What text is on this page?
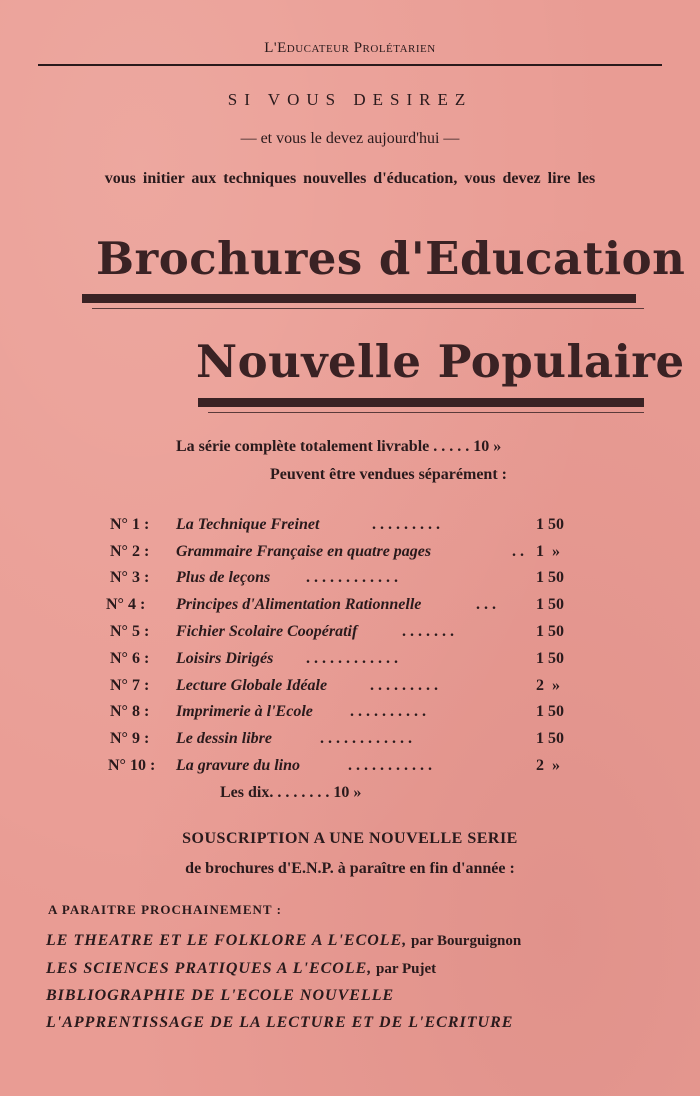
L'Educateur Prolétarien
SI VOUS DESIREZ
— et vous le devez aujourd'hui —
vous initier aux techniques nouvelles d'éducation, vous devez lire les
Brochures d'Education
Nouvelle Populaire
La série complète totalement livrable . . . . . 10 »
Peuvent être vendues séparément :
N° 1 : La Technique Freinet	. . . . . . . . .	1 50
N° 2 : Grammaire Française en quatre pages	. . 1  »
N° 3 : Plus de leçons . . . . . . . . . . . .	1 50
N° 4 : Principes d'Alimentation Rationnelle	. . .	1 50
N° 5 : Fichier Scolaire Coopératif	. . . . . . .	1 50
N° 6 : Loisirs Dirigés . . . . . . . . . . . .	1 50
N° 7 : Lecture Globale Idéale	. . . . . . . . .	2  »
N° 8 : Imprimerie à l'Ecole . . . . . . . . . .	1 50
N° 9 : Le dessin libre	. . . . . . . . . . . .	1 50
N° 10 : La gravure du lino	. . . . . . . . . . .	2  »
Les dix. . . . . . . . 10 »
SOUSCRIPTION A UNE NOUVELLE SERIE
de brochures d'E.N.P. à paraître en fin d'année :
A PARAITRE PROCHAINEMENT :
LE THEATRE ET LE FOLKLORE A L'ECOLE, par Bourguignon
LES SCIENCES PRATIQUES A L'ECOLE, par Pujet
BIBLIOGRAPHIE DE L'ECOLE NOUVELLE
L'APPRENTISSAGE DE LA LECTURE ET DE L'ECRITURE
